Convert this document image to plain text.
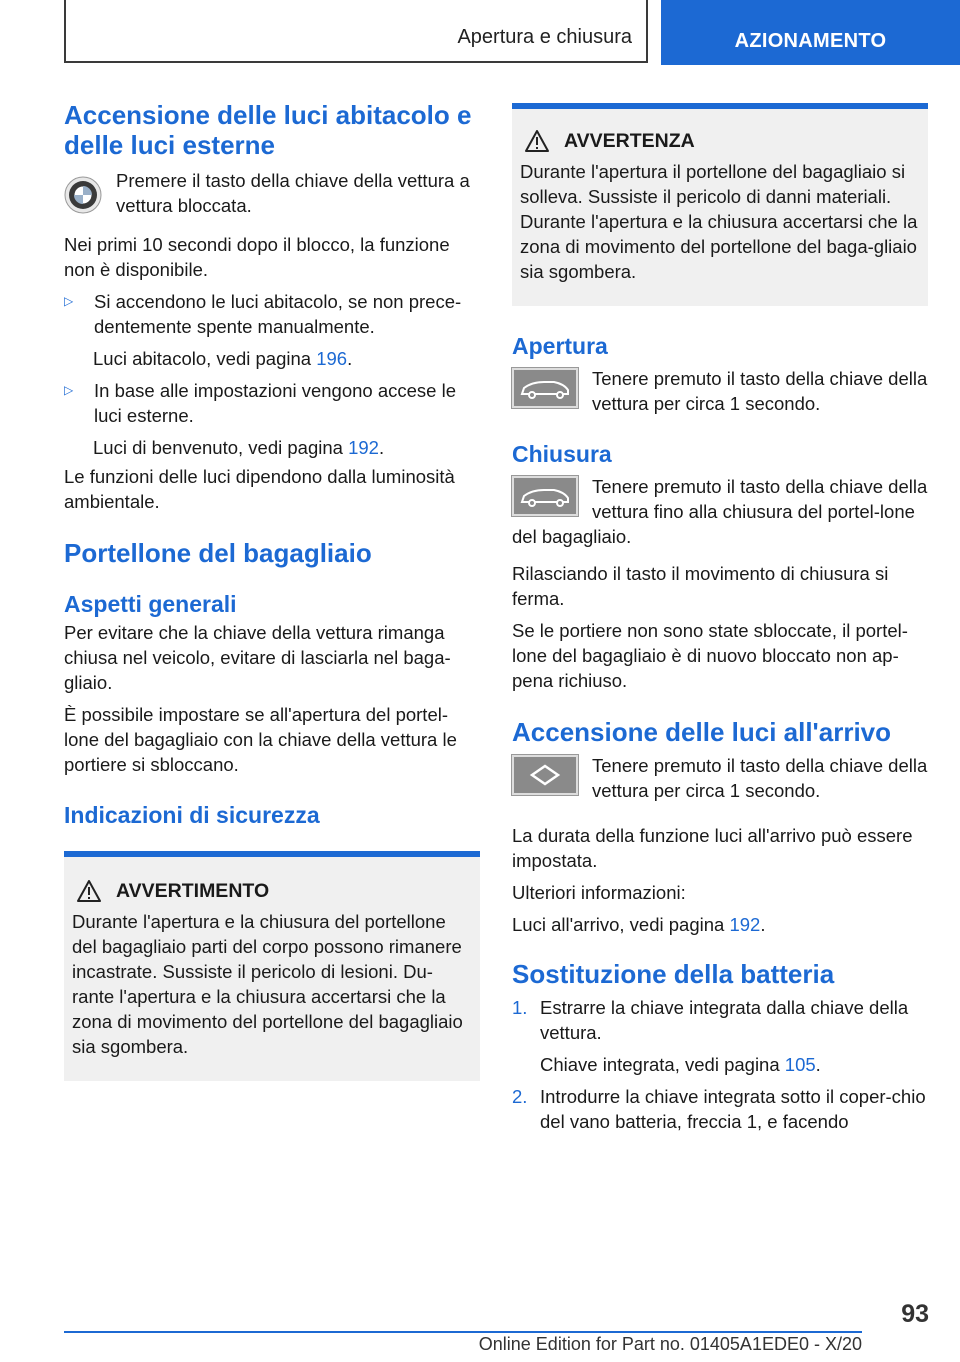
Apertura e chiusura	AZIONAMENTO
Accensione delle luci abitacolo e delle luci esterne

Premere il tasto della chiave della vettura a vettura bloccata.

Nei primi 10 secondi dopo il blocco, la funzione non è disponibile.

▷	Si accendono le luci abitacolo, se non prece-dentemente spente manualmente.

Luci abitacolo, vedi pagina 196.

▷	In base alle impostazioni vengono accese le luci esterne.

Luci di benvenuto, vedi pagina 192.

Le funzioni delle luci dipendono dalla luminosità ambientale.

Portellone del bagagliaio
Aspetti generali

Per evitare che la chiave della vettura rimanga chiusa nel veicolo, evitare di lasciarla nel baga-gliaio.

È possibile impostare se all'apertura del portel-lone del bagagliaio con la chiave della vettura le portiere si sbloccano.

Indicazioni di sicurezza
AVVERTIMENTO

Durante l'apertura e la chiusura del portellone del bagagliaio parti del corpo possono rimanere incastrate. Sussiste il pericolo di lesioni. Du-rante l'apertura e la chiusura accertarsi che la zona di movimento del portellone del bagagliaio sia sgombera.

AVVERTENZA

Durante l'apertura il portellone del bagagliaio si solleva. Sussiste il pericolo di danni materiali. Durante l'apertura e la chiusura accertarsi che la zona di movimento del portellone del baga-gliaio sia sgombera.

Apertura

Tenere premuto il tasto della chiave della vettura per circa 1 secondo.

Chiusura

Tenere premuto il tasto della chiave della vettura fino alla chiusura del portel-lone del bagagliaio.

Rilasciando il tasto il movimento di chiusura si ferma.

Se le portiere non sono state sbloccate, il portel-lone del bagagliaio è di nuovo bloccato non ap-pena richiuso.

Accensione delle luci all'arrivo

Tenere premuto il tasto della chiave della vettura per circa 1 secondo.

La durata della funzione luci all'arrivo può essere impostata.

Ulteriori informazioni:

Luci all'arrivo, vedi pagina 192.

Sostituzione della batteria
1. Estrarre la chiave integrata dalla chiave della vettura.

Chiave integrata, vedi pagina 105.

2. Introdurre la chiave integrata sotto il coper-chio del vano batteria, freccia 1, e facendo

93
Online Edition for Part no. 01405A1EDE0 - X/20
